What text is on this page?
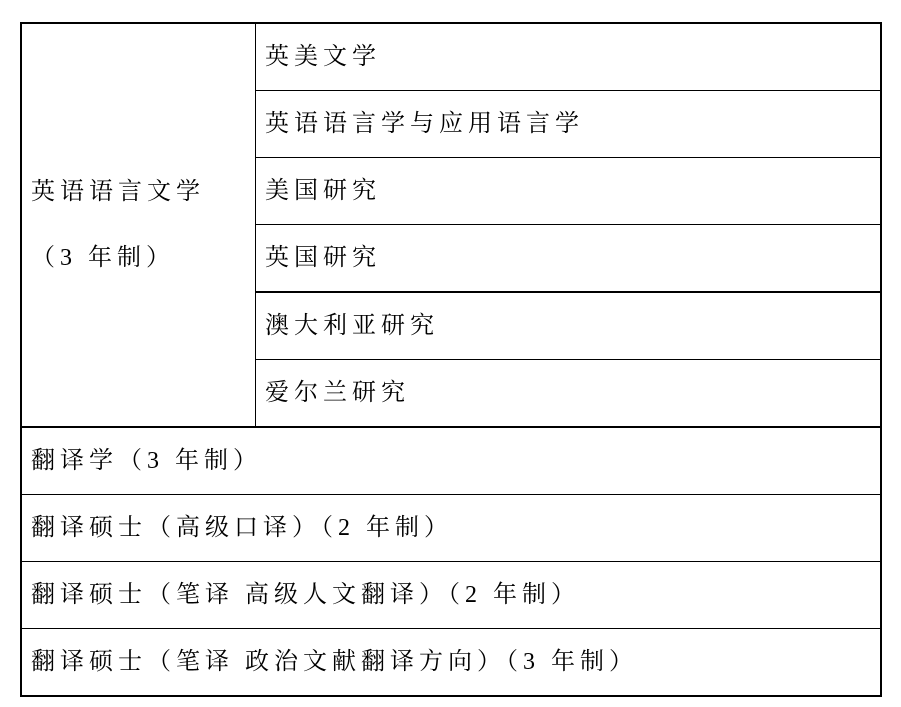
英语语言文学
（3 年制）
	英美文学
英语语言学与应用语言学
美国研究
英国研究
澳大利亚研究
爱尔兰研究
翻译学（3 年制）
翻译硕士（高级口译）（2 年制）
翻译硕士（笔译 高级人文翻译）（2 年制）
翻译硕士（笔译 政治文献翻译方向）（3 年制）
